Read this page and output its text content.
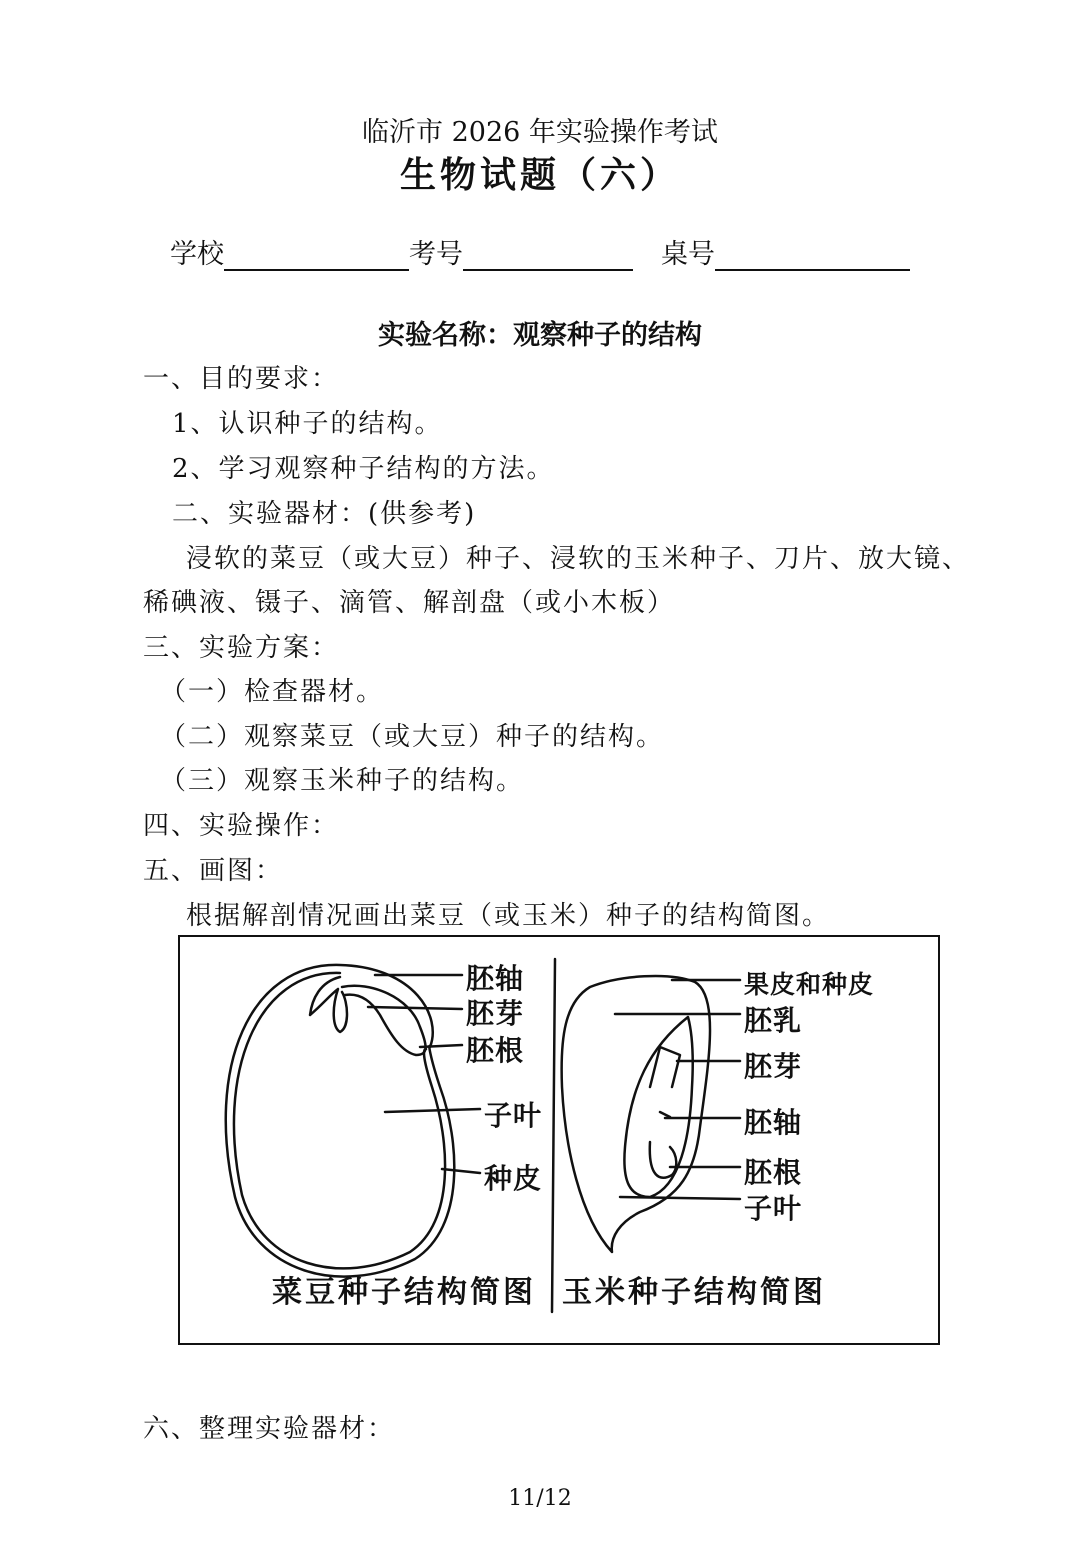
临沂市 2026 年实验操作考试
生物试题（六）
学校	考号	桌号
实验名称：观察种子的结构
一、目的要求：
1、认识种子的结构。
2、学习观察种子结构的方法。
二、实验器材：(供参考)
浸软的菜豆（或大豆）种子、浸软的玉米种子、刀片、放大镜、
稀碘液、镊子、滴管、解剖盘（或小木板）
三、实验方案：
（一）检查器材。
（二）观察菜豆（或大豆）种子的结构。
（三）观察玉米种子的结构。
四、实验操作：
五、画图：
根据解剖情况画出菜豆（或玉米）种子的结构简图。
胚轴
胚芽
胚根
子叶
种皮
菜豆种子结构简图
果皮和种皮
胚乳
胚芽
胚轴
胚根
子叶
玉米种子结构简图
六、整理实验器材：
11/12
